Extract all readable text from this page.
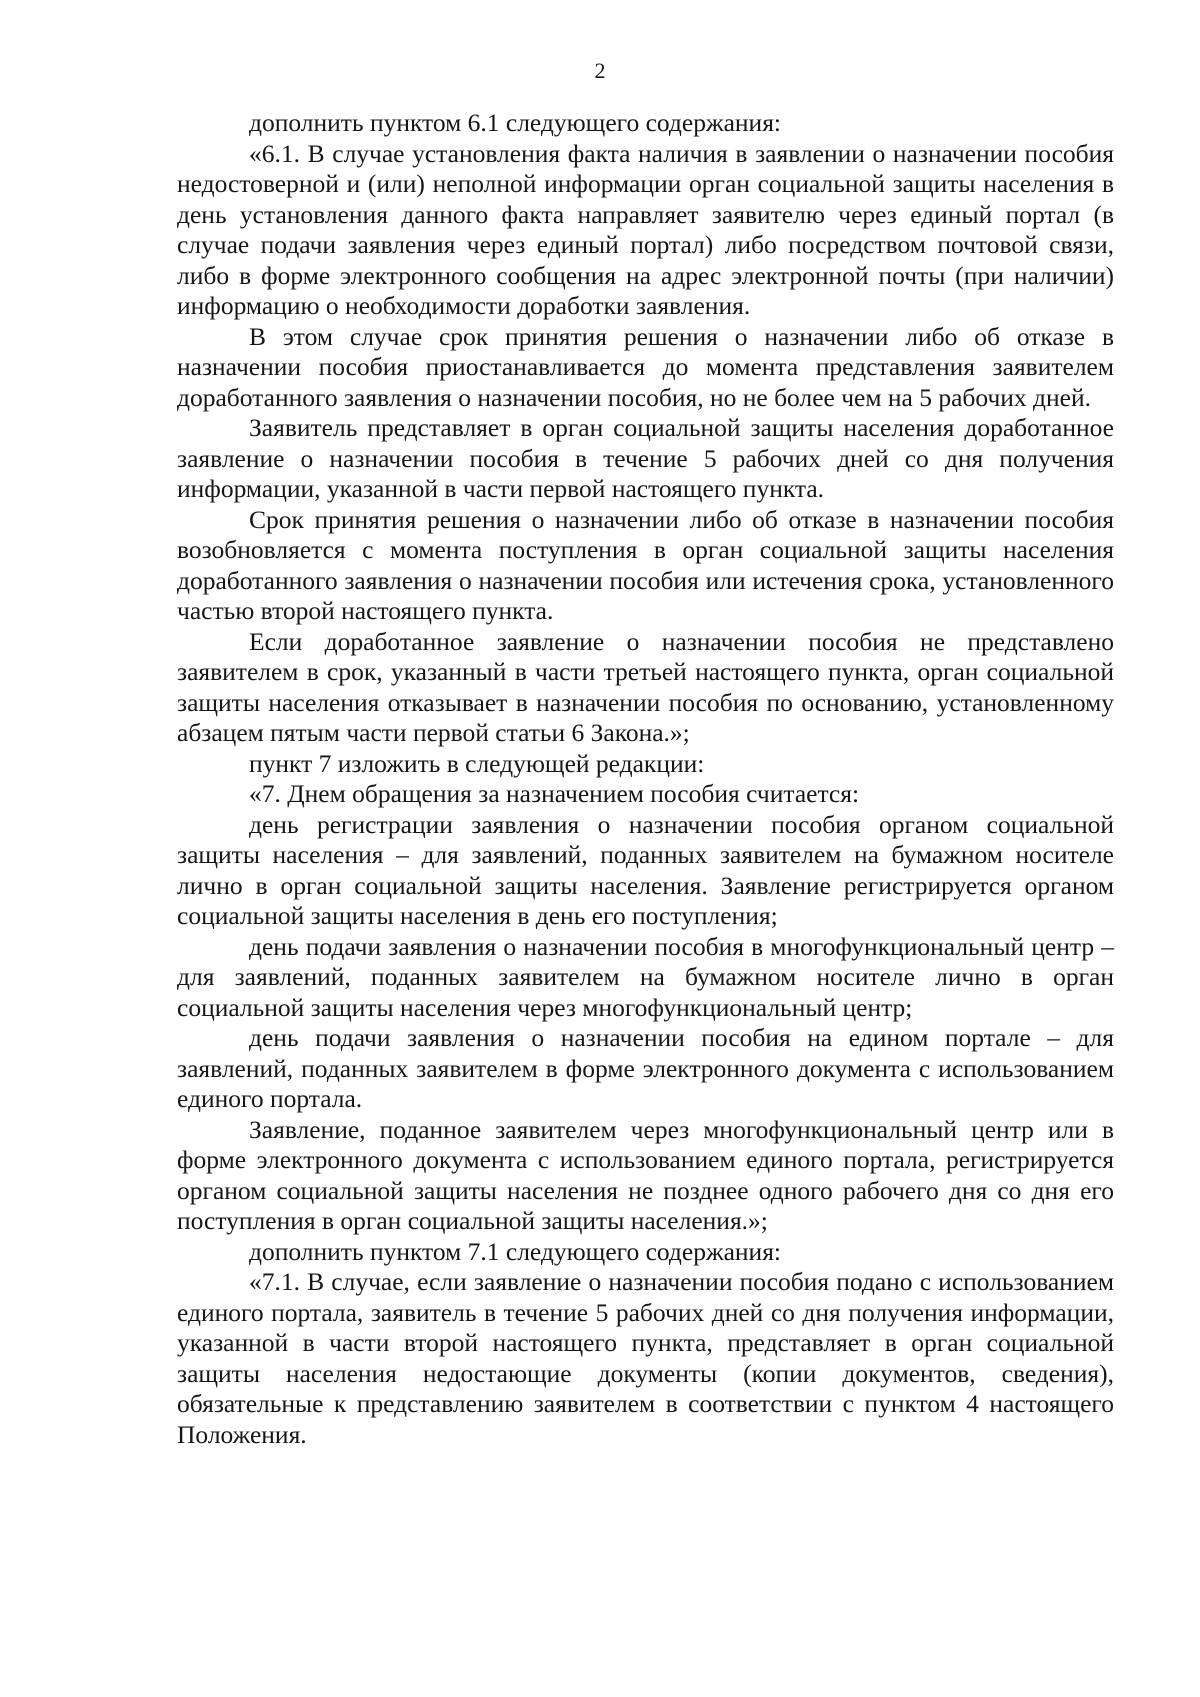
2

дополнить пунктом 6.1 следующего содержания:

«6.1. В случае установления факта наличия в заявлении о назначении пособия недостоверной и (или) неполной информации орган социальной защиты населения в день установления данного факта направляет заявителю через единый портал (в случае подачи заявления через единый портал) либо посредством почтовой связи, либо в форме электронного сообщения на адрес электронной почты (при наличии) информацию о необходимости доработки заявления.

В этом случае срок принятия решения о назначении либо об отказе в назначении пособия приостанавливается до момента представления заявителем доработанного заявления о назначении пособия, но не более чем на 5 рабочих дней.

Заявитель представляет в орган социальной защиты населения доработанное заявление о назначении пособия в течение 5 рабочих дней со дня получения информации, указанной в части первой настоящего пункта.

Срок принятия решения о назначении либо об отказе в назначении пособия возобновляется с момента поступления в орган социальной защиты населения доработанного заявления о назначении пособия или истечения срока, установленного частью второй настоящего пункта.

Если доработанное заявление о назначении пособия не представлено заявителем в срок, указанный в части третьей настоящего пункта, орган социальной защиты населения отказывает в назначении пособия по основанию, установленному абзацем пятым части первой статьи 6 Закона.»;

пункт 7 изложить в следующей редакции:

«7. Днем обращения за назначением пособия считается:

день регистрации заявления о назначении пособия органом социальной защиты населения – для заявлений, поданных заявителем на бумажном носителе лично в орган социальной защиты населения. Заявление регистрируется органом социальной защиты населения в день его поступления;

день подачи заявления о назначении пособия в многофункциональный центр – для заявлений, поданных заявителем на бумажном носителе лично в орган социальной защиты населения через многофункциональный центр;

день подачи заявления о назначении пособия на едином портале – для заявлений, поданных заявителем в форме электронного документа с использованием единого портала.

Заявление, поданное заявителем через многофункциональный центр или в форме электронного документа с использованием единого портала, регистрируется органом социальной защиты населения не позднее одного рабочего дня со дня его поступления в орган социальной защиты населения.»;

дополнить пунктом 7.1 следующего содержания:

«7.1. В случае, если заявление о назначении пособия подано с использованием единого портала, заявитель в течение 5 рабочих дней со дня получения информации, указанной в части второй настоящего пункта, представляет в орган социальной защиты населения недостающие документы (копии документов, сведения), обязательные к представлению заявителем в соответствии с пунктом 4 настоящего Положения.
